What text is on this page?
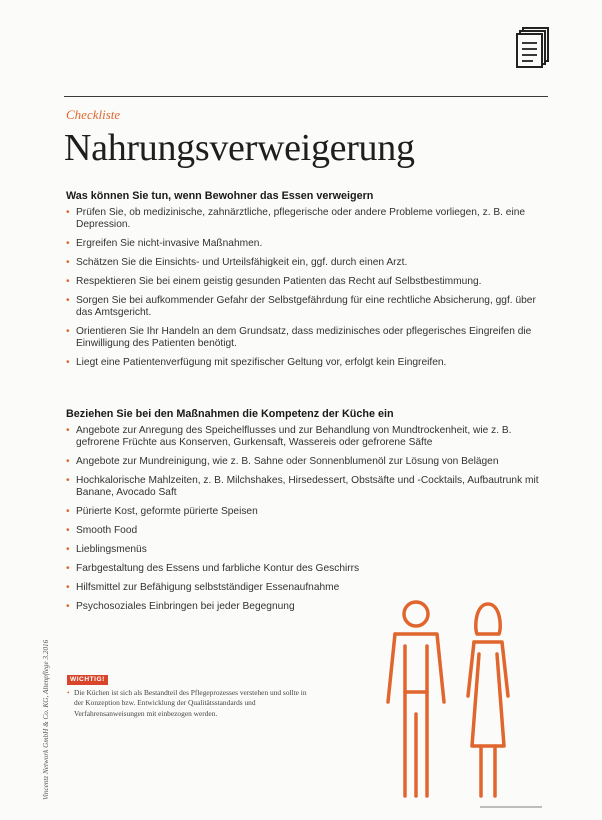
Checkliste
Nahrungsverweigerung
Was können Sie tun, wenn Bewohner das Essen verweigern
• Prüfen Sie, ob medizinische, zahnärztliche, pflegerische oder andere Probleme vorliegen, z. B. eine Depression.
• Ergreifen Sie nicht-invasive Maßnahmen.
• Schätzen Sie die Einsichts- und Urteilsfähigkeit ein, ggf. durch einen Arzt.
• Respektieren Sie bei einem geistig gesunden Patienten das Recht auf Selbstbestimmung.
• Sorgen Sie bei aufkommender Gefahr der Selbstgefährdung für eine rechtliche Absicherung, ggf. über das Amtsgericht.
• Orientieren Sie Ihr Handeln an dem Grundsatz, dass medizinisches oder pflegerisches Eingreifen die Einwilligung des Patienten benötigt.
• Liegt eine Patientenverfügung mit spezifischer Geltung vor, erfolgt kein Eingreifen.
Beziehen Sie bei den Maßnahmen die Kompetenz der Küche ein
• Angebote zur Anregung des Speichelflusses und zur Behandlung von Mundtrockenheit, wie z. B. gefrorene Früchte aus Konserven, Gurkensaft, Wassereis oder gefrorene Säfte
• Angebote zur Mundreinigung, wie z. B. Sahne oder Sonnenblumenöl zur Lösung von Belägen
• Hochkalorische Mahlzeiten, z. B. Milchshakes, Hirsedessert, Obstsäfte und -Cocktails, Aufbautrunk mit Banane, Avocado Saft
• Pürierte Kost, geformte pürierte Speisen
• Smooth Food
• Lieblingsmenüs
• Farbgestaltung des Essens und farbliche Kontur des Geschirrs
• Hilfsmittel zur Befähigung selbstständiger Essenaufnahme
• Psychosoziales Einbringen bei jeder Begegnung
WICHTIG!
• Die Küchen ist sich als Bestandteil des Pflegeprozesses verstehen und sollte in der Konzeption bzw. Entwicklung der Qualitätsstandards und Verfahrensanweisungen mit einbezogen werden.
Vincentz Network GmbH & Co. KG, Altenpflege 3.2016
